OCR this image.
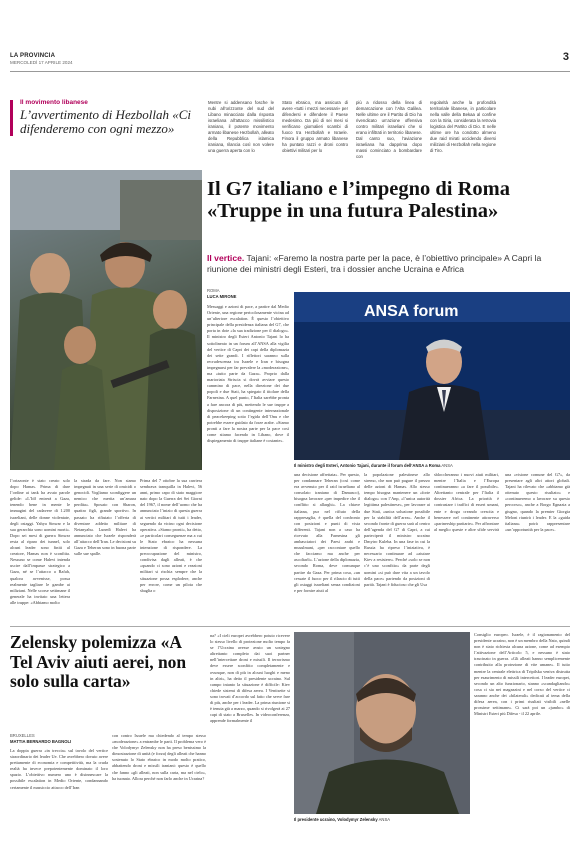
LA PROVINCIA
MERCOLEDÌ 17 APRILE 2024	3
Il movimento libanese
L’avvertimento di Hezbollah «Ci difenderemo con ogni mezzo»

Mentre si addensano fosche le nubi all’orizzonte del sud del Libano minacciato dalla risposta israeliana all’attacco missilistico iraniano, il potente movimento armato libanese Hezbollah, alleato della Repubblica islamica iraniana, rilancia così non volere una guerra aperta con lo

Stato ebraico, ma assicura di avere «tutti i mezzi necessari» per difendersi e difendere il Paese medesimo. Da più di sei mesi si verificano giornalieri scambi di fuoco tra Hezbollah e Israele. Finora il gruppo armato libanese ha puntato razzi e droni contro obiettivi militari per lo

più a ridosso della linea di demarcazione con l’Alta Galilea. Nelle ultime ore il Partito di Dio ha rivendicato un’azione offensiva contro militari israeliani che si erano infiltrati in territorio libanese. Dal canto suo, l’aviazione israeliana ha dapprima dopo massi cominciato a bombardare con

regolarità anche la profondità territoriale libanese, in particolare nella valle della Bekaa al confine con la Siria, considerata la retrovia logistica del Partito di Dio. E nelle ultime ore ha condotto almeno due raid mirati uccidendo diversi miliziani di Hezbollah nella regione di Tiro.

Il G7 italiano e l’impegno di Roma «Truppe in una futura Palestina»
Il vertice. Tajani: «Faremo la nostra parte per la pace, è l’obiettivo principale» A Capri la riunione dei ministri degli Esteri, tra i dossier anche Ucraina e Africa
ROMA
LUCA MIRONE
Messaggi e azioni di pace, a partire dal Medio Oriente, una regione pericolosamente vicina ad un’ulteriore escalation. È questo l’obiettivo principale della presidenza italiana del G7, che porta in dote «la sua tradizione per il dialogo». Il ministro degli Esteri Antonio Tajani lo ha sottolineato in un forum all’ANSA alla vigilia del vertice di Capri dei capi della diplomazia dei sette grandi. I riflettori saranno sulla recrudescenza tra Israele e Iran e bisogna impegnarsi per far prevalere la «moderazione», ma «tutto parte da Gaza». Proprio dalla martoriata Striscia si dovrà avviare questo cammino di pace, nella direzione dei due popoli e due Stati, ha spiegato il titolare della Farnesina. A quel punto, l’Italia sarebbe pronta a fare ancora di più, mettendo le sue truppe a disposizione di un contingente internazionale di peacekeeping sotto l’egida dell’Onu e che potrebbe essere guidato da forze arabe. «Siamo pronti a fare la nostra parte per la pace così come stiamo facendo in Libano, dove il dispiegamento di truppe italiane è costante».
ANSA forum
Il ministro degli Esteri, Antonio Tajani, durante il forum dell’ANSA a Roma ANSA
una decisione affrettata». Per questo, per condannare Teheran (così come era avvenuto per il raid israeliano al consolato iraniano di Damasco), bisogna lavorare «per impedire che il conflitto si allarghi». La chiave italiana, pur nel rifiuto della rappresaglia, è quella del confronto con posizioni e punti di vista differenti. Tajani non a caso ha ricevuto alla Farnesina gli ambasciatori dei Paesi arabi e musulmani, «per raccontare quello che facciamo ma anche per ascoltarli». L’azione della diplomazia, secondo Roma, deve comunque partire da Gaza. Per prima cosa, «un cessate il fuoco per il rilascio di tutti gli ostaggi israeliani senza condizioni e per fornire aiuti al
la popolazione palestinese allo stremo, che non può pagare il prezzo delle azioni di Hamas. Allo stesso tempo bisogna mantenere un «forte dialogo» con l’Anp, «l’unica autorità legittima palestinese», per lavorare ai due Stati, «unica soluzione possibile per la stabilità dell’area». Anche il secondo fronte di guerra sarà al centro dell’agenda del G7 di Capri, a cui parteciperà il ministro ucraino Dmytro Kuleba. In una fase in cui la Russia ha ripreso l’iniziativa, è necessario continuare ad «aiutare Kiev a resistere». Perché «solo se non c’è uno sconfitto» da parte degli uomini «si può dare vita a un tavolo della pace» partendo da posizioni di parità. Tajani è fiducioso che gli Usa
sbloccheranno i nuovi aiuti militari, mentre l’Italia e l’Europa continueranno «a fare il possibile». Altrettanto centrale per l’Italia il dossier Africa. La priorità è contrastare i traffici di esseri umani, ente e droga creando crescita e benessere nel continente attraverso «partnership paritarie». Per affrontare al meglio queste e altre sfide servirà una «visione comune del G7», da presentare agli altri attori globali. Tajani ha rilevato che «abbiamo già ottenuto questo risultato» e «continueremo a lavorare su questo percorso», anche a Borgo Egnazia a giugno, quando la premier Giorgia Meloni riunirà i leader. E la «guida italiana» potrà rappresentare «un’opportunità per la pace».
l’orizzonte è stato creato solo dopo Hamas. Prima di dare l’ordine ai tank ha avuto parole gelide: «L’Idf entrerà a Gaza, tenendo bene in mente le immagini del cadavere di 1.200 israeliani, delle donne violentate, degli ostaggi. Yahya Sinwar e la sua gerarchia sono uomini morti». Dopo sei mesi di guerra Sinwar resta al riparo dei tunnel, solo alcuni leader sono finiti al creatore, Hamas non è sconfitta. Nessuno se come Halevi intenda uscire dall’impasse strategico a Gaza, né se l’attacco a Rafah, qualora avvenisse, possa realmente tagliare le gambe ai miliziani. Nelle scorse settimane il generale ha invitato una lettera alle truppe: «Abbiamo molto
la strada da fare. Non siamo impegnati in una serie di omicidi o genocidi. Vogliamo sconfiggere un nemico che merita un’amara perdita». Sposato con Sharon, quattro figli, grande sportivo. In passato ha rifiutato l’offerta di diventare addetto militare di Netanyahu. Lunedì Halevi ha annunciato che Israele risponderà all’attacco dell’Iran. Le decisioni su Gaza e Teheran sono in buona parte sulle sue spalle.
Prima del 7 ottobre la sua carriera sembrava tranquilla in Halevi, 56 anni, primo capo di stato maggiore nato dopo la Guerra dei Sei Giorni del 1967, il nome dell’uomo che ha annunciato l’inizio di questa guerra ai vertici militari di tutti i leader, seguendo da vicino ogni decisione operativa. «Siamo pronti», ha detto, «e particolari conseguenze ma a cui le Stato ebraico ha nessuna intenzione di rispondere. La preoccupazione del ministro, condivisa dagli alleati, è che «quando ci sono azioni e reazioni militari si rischia sempre che la situazione possa esplodere, anche per errore, come un pilota che sbaglia o
Zelensky polemizza «A Tel Aviv aiuti aerei, non solo sulla carta»
BRUXELLES
MATTIA BERNARDO BAGNOLI
La doppia guerra «in treccia» sul tavolo del vertice straordinario dei leader Ue. Che avrebbero dovuto avere prettamente di economia e competitività, ma la cruda realtà ha invece prepotentemente dominato il loro spazio. L’obiettivo numero uno è disinnescare la possibile escalation in Medio Oriente, condannando certamente il massiccio attacco dell’Iran
con contro Israele ma chiedendo al tempo stesso «moderazione» a entrambe le parti. Il problema vero è che Volodymyr Zelensky non ha preso benissimo la dimostrazione di unità (e forza) degli alleati che hanno sostenuto lo Stato ebraico in modo molto pratico, abbattendo droni e missili iraniani: questo è quello che fanno «gli alleati, non sulla carta, ma nel cielo», ha tuonato. Allora perché non farlo anche in Ucraina?
na? «I cieli europei avrebbero potuto ricevere lo stesso livello di protezione molto tempo fa se l’Ucraina avesse avuto un sostegno altrettanto completo dai suoi partner nell’intercettare droni e missili. Il terrorismo deve essere sconfitto completamente e ovunque, non di più in alcuni luoghi e meno in altri», ha detto il presidente ucraino. Sul campo intanto la situazione è difficile: Kiev chiede sistemi di difesa aerea. I Ventisette si sono trovati d’accordo sul fatto che serve fare di più, anche per i leader. La prima riunione si è tenuta già a marzo, quando si rivolgerà ai 27 capi di stato a Bruxelles. In videoconferenza, apprende formalmente il
Il presidente ucraino, Volodymyr Zelensky ANSA
Consiglio europeo. Israele, è il ragionamento del presidente ucraino, non è un membro della Nato, quindi non è stato richiesta alcuna azione, come ad esempio l’attivazione dell’Articolo 5, e nessuno è stato trascinato in guerra. «Gli alleati hanno semplicemente contribuito alla protezione di vite umane». Il tutto mentre la centrale elettrica di Tripilska veniva distrutta per esaurimento di missili intercettori. I leader europei, secondo un alto funzionario, stanno «scandagliando» cosa ci sia nei magazzini e nel corso del vertice ci saranno anche dei «bilaterali» dedicati al tema della difesa aerea, con i primi risultati visibili «nelle prossime settimane». Ci sarà poi un «jumbo» di Ministri Esteri più Difesa - il 22 aprile.
